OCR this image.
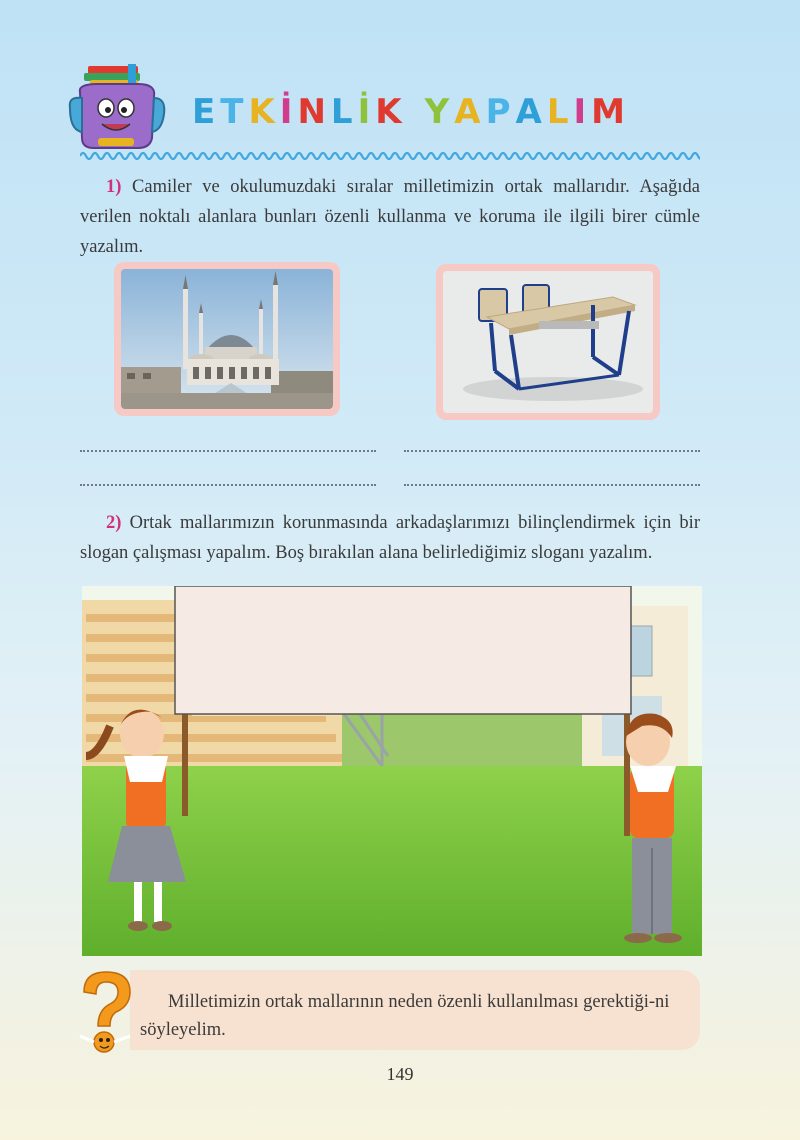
ETKİNLİK YAPALIM
1) Camiler ve okulumuzdaki sıralar milletimizin ortak mallarıdır. Aşağıda verilen noktalı alanlara bunları özenli kullanma ve koruma ile ilgili birer cümle yazalım.
2) Ortak mallarımızın korunmasında arkadaşlarımızı bilinçlendirmek için bir slogan çalışması yapalım. Boş bırakılan alana belirlediğimiz sloganı yazalım.
Milletimizin ortak mallarının neden özenli kullanılması gerektiği-ni söyleyelim.
149
